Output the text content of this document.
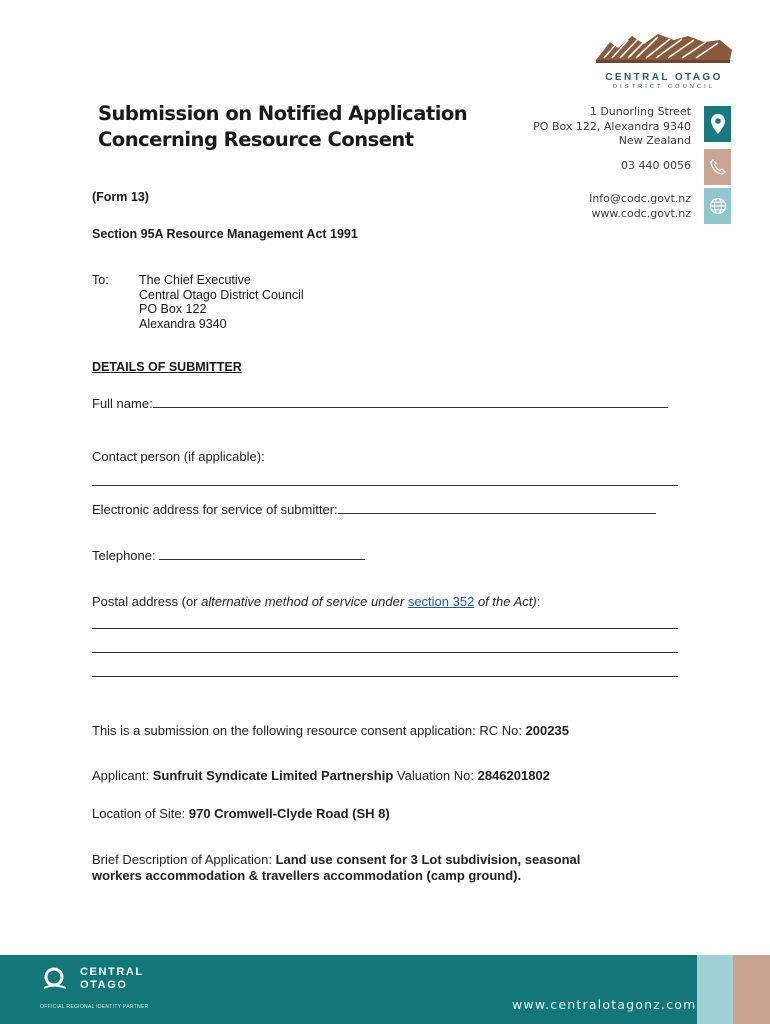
CENTRAL OTAGO
DISTRICT COUNCIL
Submission on Notified Application
Concerning Resource Consent
1 Dunorling Street
PO Box 122, Alexandra 9340
New Zealand
03 440 0056
Info@codc.govt.nz
www.codc.govt.nz
(Form 13)
Section 95A Resource Management Act 1991
To: The Chief Executive
Central Otago District Council
PO Box 122
Alexandra 9340
DETAILS OF SUBMITTER
Full name:
Contact person (if applicable):
Electronic address for service of submitter:
Telephone:
Postal address (or alternative method of service under section 352 of the Act):
This is a submission on the following resource consent application: RC No: 200235
Applicant: Sunfruit Syndicate Limited Partnership Valuation No: 2846201802
Location of Site: 970 Cromwell-Clyde Road (SH 8)
Brief Description of Application: Land use consent for 3 Lot subdivision, seasonal
workers accommodation & travellers accommodation (camp ground).
CENTRAL
OTAGO
OFFICIAL REGIONAL IDENTITY PARTNER	www.centralotagonz.com
